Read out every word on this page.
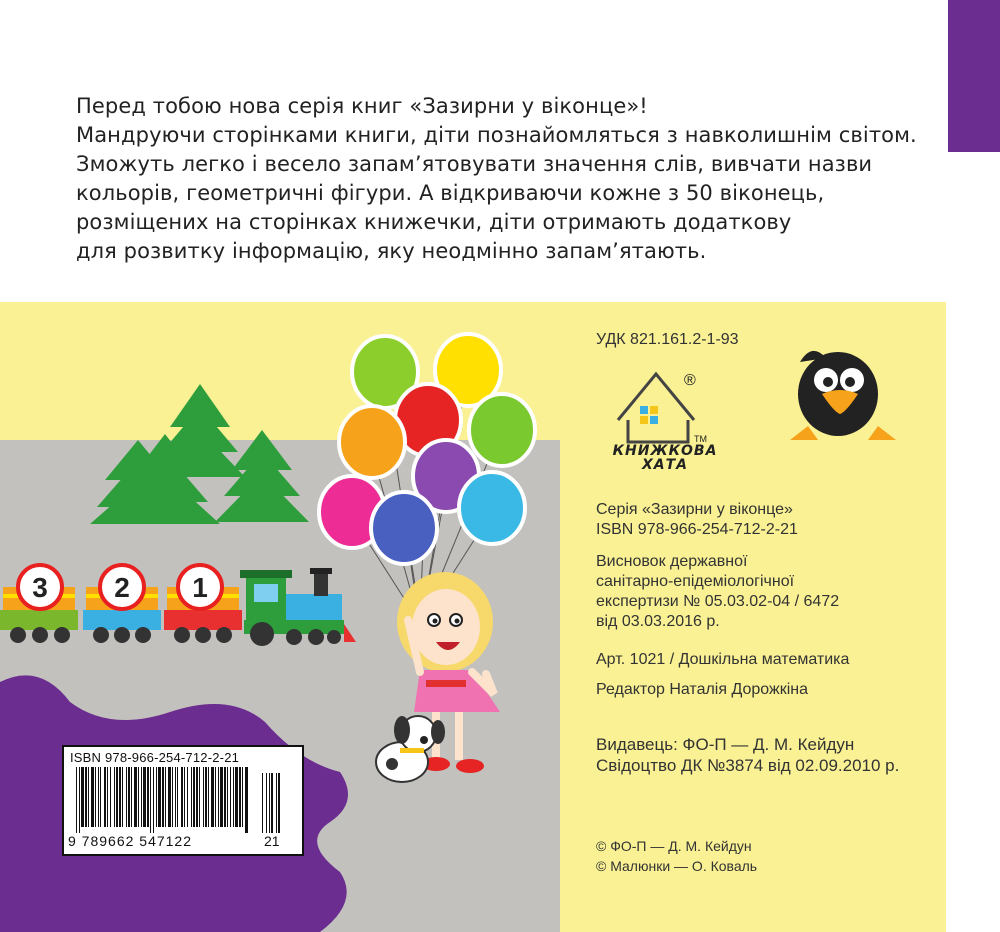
Перед тобою нова серія книг «Зазирни у віконце»!

Мандруючи сторінками книги, діти познайомляться з навколишнім світом.

Зможуть легко і весело запам’ятовувати значення слів, вивчати назви

кольорів, геометричні фігури. А відкриваючи кожне з 50 віконець,

розміщених на сторінках книжечки, діти отримають додаткову

для розвитку інформацію, яку неодмінно запам’ятають.

3 2 1
КНИЖКОВА
ХАТА
®
TM
УДК 821.161.2-1-93
Серія «Зазирни у віконце»
ISBN 978-966-254-712-2-21
Висновок державної
санітарно-епідеміологічної
експертизи № 05.03.02-04 / 6472
від 03.03.2016 р.
Арт. 1021 / Дошкільна математика
Редактор Наталія Дорожкіна
Видавець: ФО-П — Д. М. Кейдун
Свідоцтво ДК №3874 від 02.09.2010 р.
© ФО-П — Д. М. Кейдун
© Малюнки — О. Коваль
ISBN 978-966-254-712-2-21
9 789662 547122	21
